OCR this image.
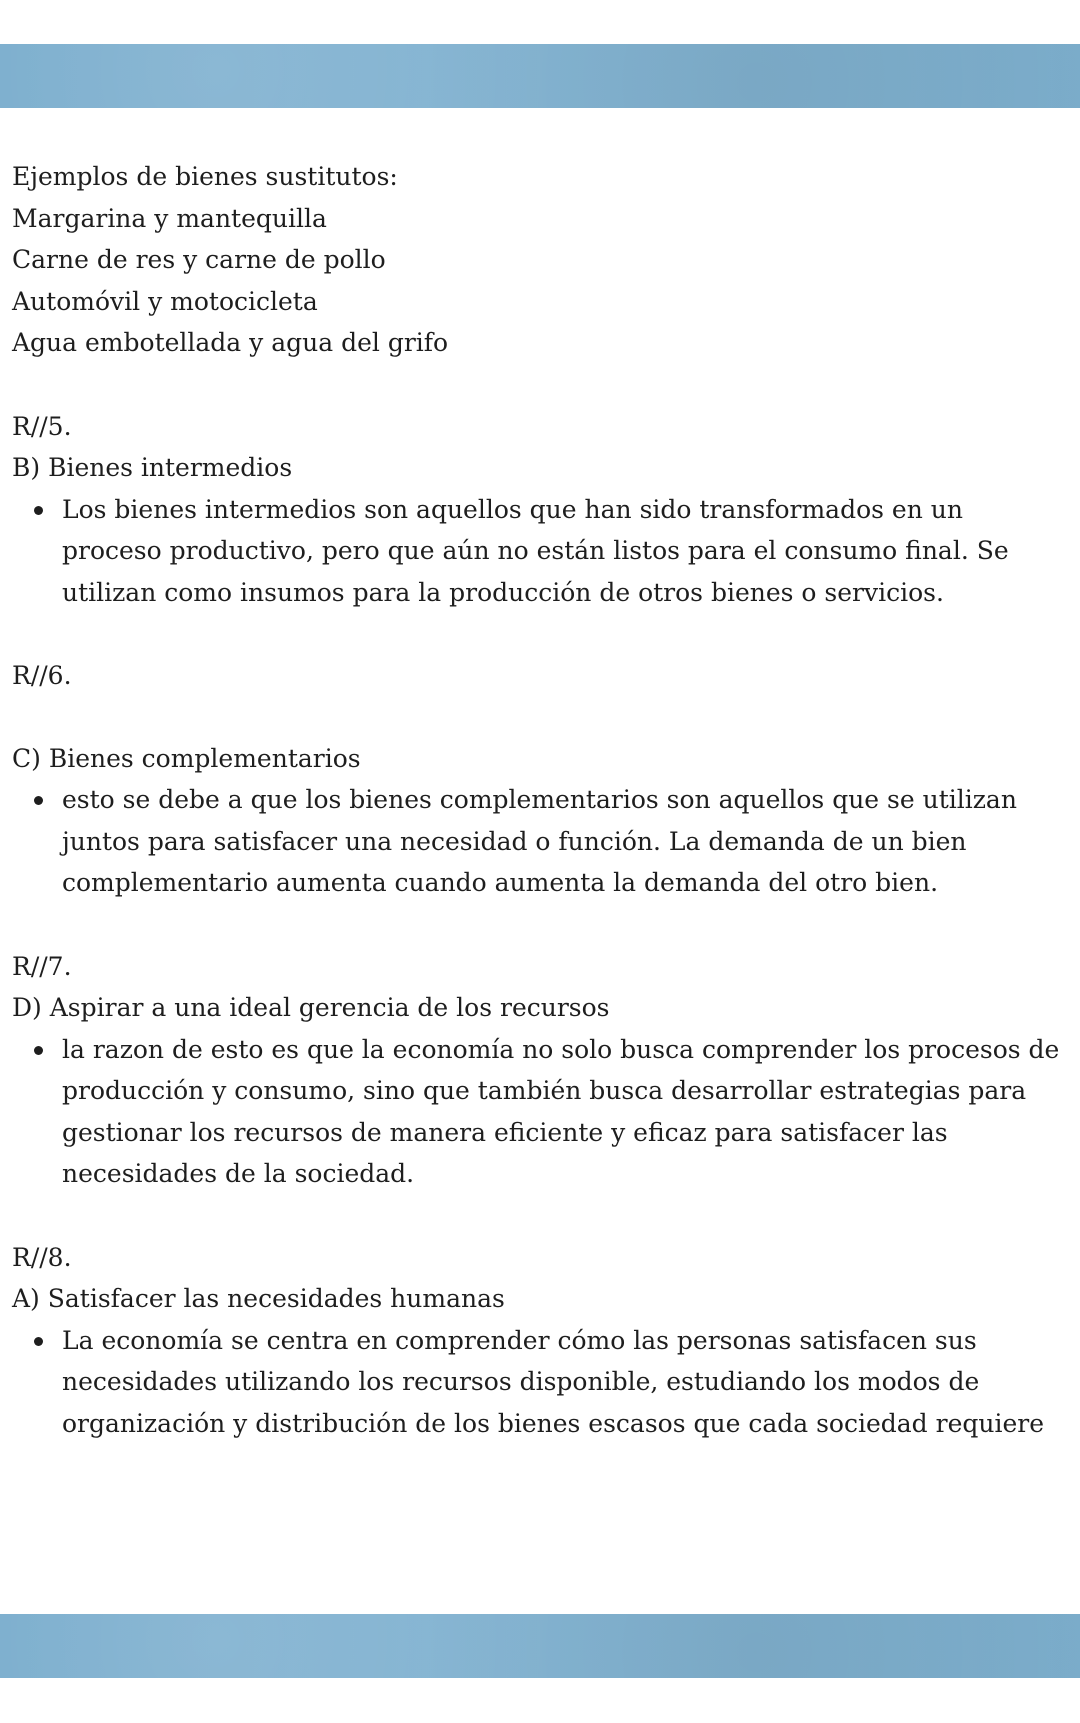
Ejemplos de bienes sustitutos:

Margarina y mantequilla

Carne de res y carne de pollo

Automóvil y motocicleta

Agua embotellada y agua del grifo

R//5.

B) Bienes intermedios

Los bienes intermedios son aquellos que han sido transformados en un proceso productivo, pero que aún no están listos para el consumo final. Se utilizan como insumos para la producción de otros bienes o servicios.

R//6.

C) Bienes complementarios

esto se debe a que los bienes complementarios son aquellos que se utilizan juntos para satisfacer una necesidad o función. La demanda de un bien complementario aumenta cuando aumenta la demanda del otro bien.

R//7.

D) Aspirar a una ideal gerencia de los recursos

la razon de esto es que la economía no solo busca comprender los procesos de producción y consumo, sino que también busca desarrollar estrategias para gestionar los recursos de manera eficiente y eficaz para satisfacer las necesidades de la sociedad.

R//8.

A) Satisfacer las necesidades humanas

La economía se centra en comprender cómo las personas satisfacen sus necesidades utilizando los recursos disponible, estudiando los modos de organización y distribución de los bienes escasos que cada sociedad requiere
